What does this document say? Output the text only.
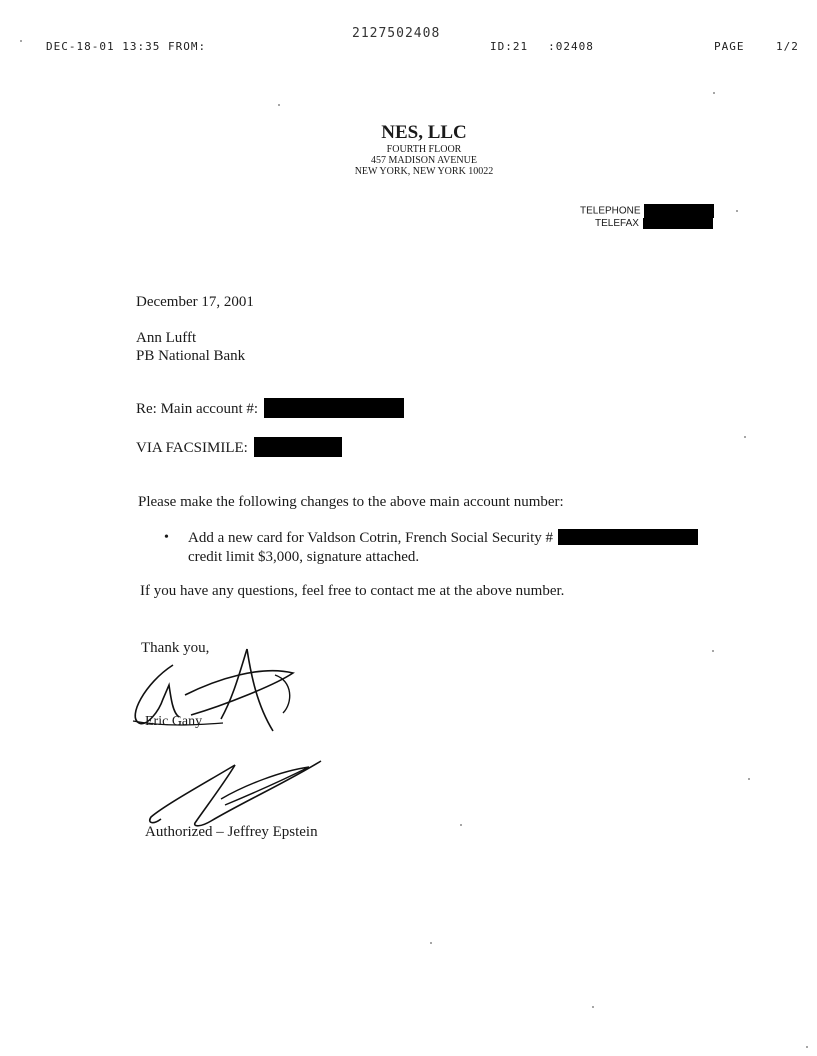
2127502408
DEC-18-01 13:35 FROM:	ID:21 :02408	PAGE	1/2
NES, LLC
FOURTH FLOOR
457 MADISON AVENUE
NEW YORK, NEW YORK 10022
TELEPHONE
TELEFAX
December 17, 2001
Ann Lufft
PB National Bank
Re: Main account #:
VIA FACSIMILE:
Please make the following changes to the above main account number:
• Add a new card for Valdson Cotrin, French Social Security #
credit limit $3,000, signature attached.
If you have any questions, feel free to contact me at the above number.
Thank you,
Eric Gany
Authorized – Jeffrey Epstein
